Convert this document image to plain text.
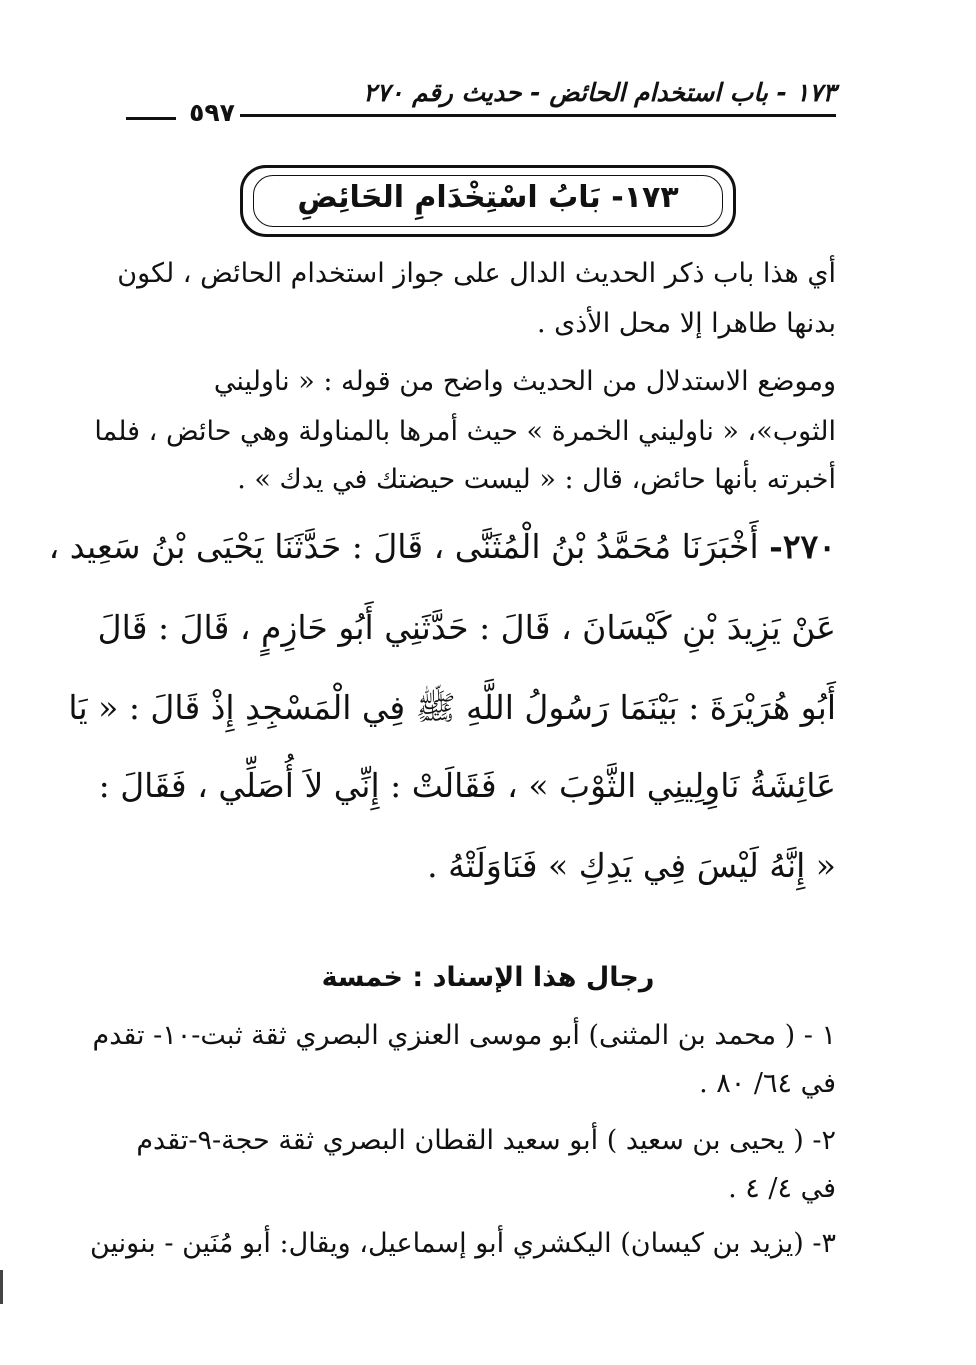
١٧٣ - باب استخدام الحائض - حديث رقم ٢٧٠
٥٩٧
١٧٣- بَابُ اسْتِخْدَامِ الحَائِضِ
أي هذا باب ذكر الحديث الدال على جواز استخدام الحائض ، لكون
بدنها طاهرا إلا محل الأذى .
وموضع الاستدلال من الحديث واضح من قوله : « ناوليني
الثوب»، « ناوليني الخمرة » حيث أمرها بالمناولة وهي حائض ، فلما
أخبرته بأنها حائض، قال : « ليست حيضتك في يدك » .
٢٧٠- أَخْبَرَنَا مُحَمَّدُ بْنُ الْمُثَنَّى ، قَالَ : حَدَّثَنَا يَحْيَى بْنُ سَعِيد ،
عَنْ يَزِيدَ بْنِ كَيْسَانَ ، قَالَ : حَدَّثَنِي أَبُو حَازِمٍ ، قَالَ : قَالَ
أَبُو هُرَيْرَةَ : بَيْنَمَا رَسُولُ اللَّهِ ﷺ فِي الْمَسْجِدِ إِذْ قَالَ : « يَا
عَائِشَةُ نَاوِلِينِي الثَّوْبَ » ، فَقَالَتْ : إِنِّي لاَ أُصَلِّي ، فَقَالَ :
« إِنَّهُ لَيْسَ فِي يَدِكِ » فَنَاوَلَتْهُ .
رجال هذا الإسناد : خمسة
١ - ( محمد بن المثنى) أبو موسى العنزي البصري ثقة ثبت-١٠- تقدم
في ٦٤/ ٨٠ .
٢- ( يحيى بن سعيد ) أبو سعيد القطان البصري ثقة حجة-٩-تقدم
في ٤/ ٤ .
٣- (يزيد بن كيسان) اليكشري أبو إسماعيل، ويقال: أبو مُنَين - بنونين
